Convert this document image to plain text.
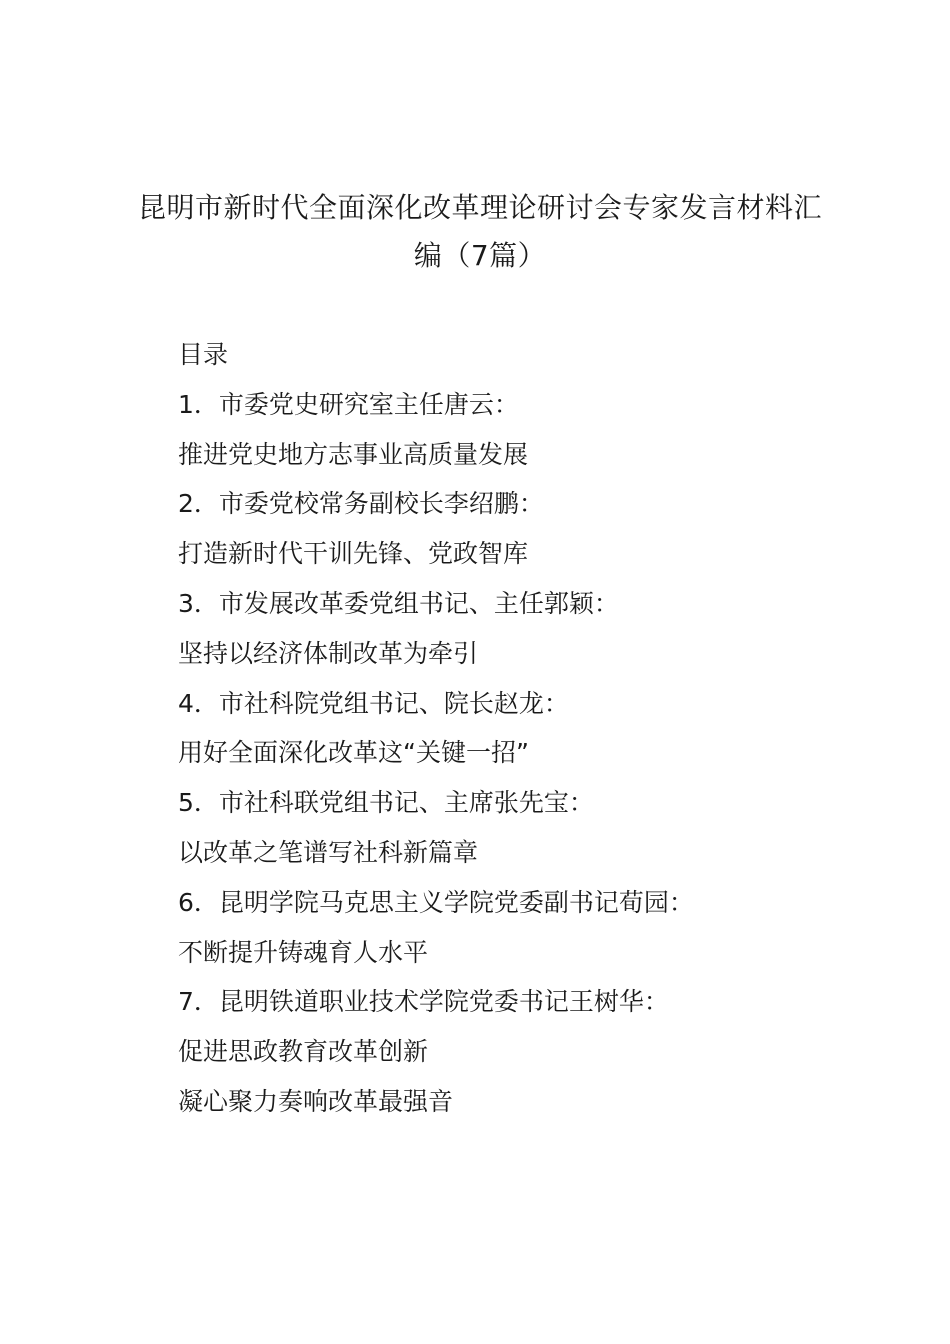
昆明市新时代全面深化改革理论研讨会专家发言材料汇
编（7篇）
目录
1．市委党史研究室主任唐云：
推进党史地方志事业高质量发展
2．市委党校常务副校长李绍鹏：
打造新时代干训先锋、党政智库
3．市发展改革委党组书记、主任郭颖：
坚持以经济体制改革为牵引
4．市社科院党组书记、院长赵龙：
用好全面深化改革这“关键一招”
5．市社科联党组书记、主席张先宝：
以改革之笔谱写社科新篇章
6．昆明学院马克思主义学院党委副书记荀园：
不断提升铸魂育人水平
7．昆明铁道职业技术学院党委书记王树华：
促进思政教育改革创新
凝心聚力奏响改革最强音
